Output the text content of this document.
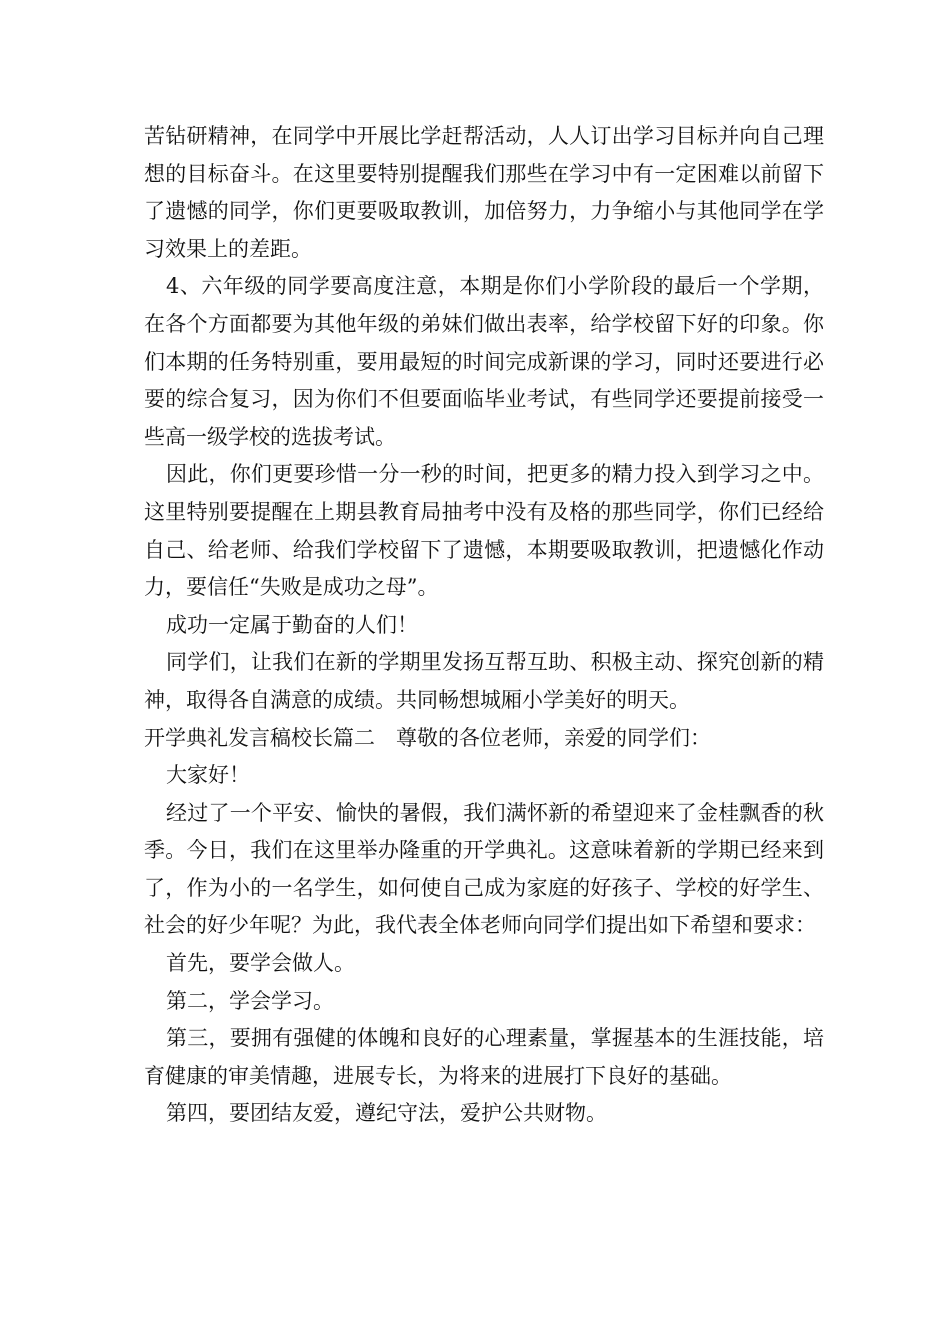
苦钻研精神，在同学中开展比学赶帮活动，人人订出学习目标并向自己理想的目标奋斗。在这里要特别提醒我们那些在学习中有一定困难以前留下了遗憾的同学，你们更要吸取教训，加倍努力，力争缩小与其他同学在学习效果上的差距。

4、六年级的同学要高度注意，本期是你们小学阶段的最后一个学期，在各个方面都要为其他年级的弟妹们做出表率，给学校留下好的印象。你们本期的任务特别重，要用最短的时间完成新课的学习，同时还要进行必要的综合复习，因为你们不但要面临毕业考试，有些同学还要提前接受一些高一级学校的选拔考试。

因此，你们更要珍惜一分一秒的时间，把更多的精力投入到学习之中。这里特别要提醒在上期县教育局抽考中没有及格的那些同学，你们已经给自己、给老师、给我们学校留下了遗憾，本期要吸取教训，把遗憾化作动力，要信任“失败是成功之母”。

成功一定属于勤奋的人们！

同学们，让我们在新的学期里发扬互帮互助、积极主动、探究创新的精神，取得各自满意的成绩。共同畅想城厢小学美好的明天。

开学典礼发言稿校长篇二　尊敬的各位老师，亲爱的同学们：

大家好！

经过了一个平安、愉快的暑假，我们满怀新的希望迎来了金桂飘香的秋季。今日，我们在这里举办隆重的开学典礼。这意味着新的学期已经来到了，作为小的一名学生，如何使自己成为家庭的好孩子、学校的好学生、社会的好少年呢？为此，我代表全体老师向同学们提出如下希望和要求：

首先，要学会做人。

第二，学会学习。

第三，要拥有强健的体魄和良好的心理素量，掌握基本的生涯技能，培育健康的审美情趣，进展专长，为将来的进展打下良好的基础。

第四，要团结友爱，遵纪守法，爱护公共财物。
